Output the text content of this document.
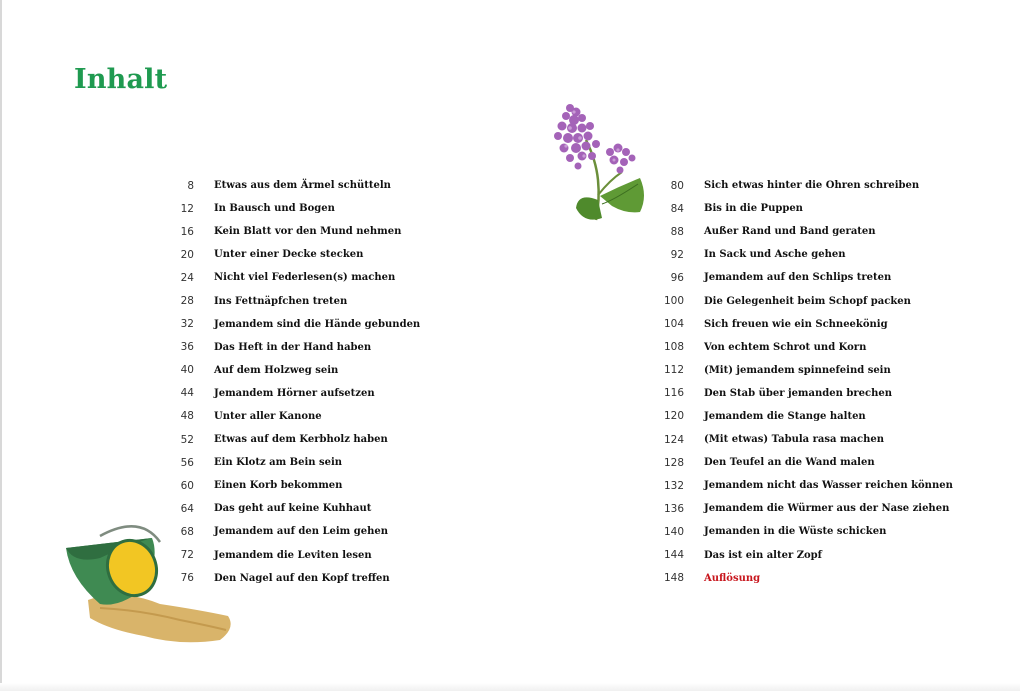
Inhalt
8 Etwas aus dem Ärmel schütteln
12 In Bausch und Bogen
16 Kein Blatt vor den Mund nehmen
20 Unter einer Decke stecken
24 Nicht viel Federlesen(s) machen
28 Ins Fettnäpfchen treten
32 Jemandem sind die Hände gebunden
36 Das Heft in der Hand haben
40 Auf dem Holzweg sein
44 Jemandem Hörner aufsetzen
48 Unter aller Kanone
52 Etwas auf dem Kerbholz haben
56 Ein Klotz am Bein sein
60 Einen Korb bekommen
64 Das geht auf keine Kuhhaut
68 Jemandem auf den Leim gehen
72 Jemandem die Leviten lesen
76 Den Nagel auf den Kopf treffen
80 Sich etwas hinter die Ohren schreiben
84 Bis in die Puppen
88 Außer Rand und Band geraten
92 In Sack und Asche gehen
96 Jemandem auf den Schlips treten
100 Die Gelegenheit beim Schopf packen
104 Sich freuen wie ein Schneekönig
108 Von echtem Schrot und Korn
112 (Mit) jemandem spinnefeind sein
116 Den Stab über jemanden brechen
120 Jemandem die Stange halten
124 (Mit etwas) Tabula rasa machen
128 Den Teufel an die Wand malen
132 Jemandem nicht das Wasser reichen können
136 Jemandem die Würmer aus der Nase ziehen
140 Jemanden in die Wüste schicken
144 Das ist ein alter Zopf
148 Auflösung
